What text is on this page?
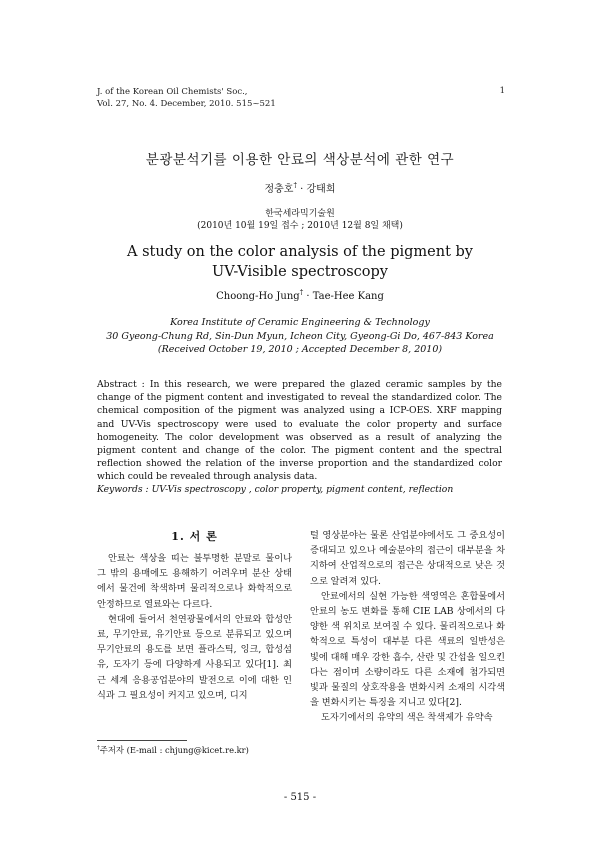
J. of the Korean Oil Chemists' Soc.,
Vol. 27, No. 4. December, 2010. 515~521
1
분광분석기를 이용한 안료의 색상분석에 관한 연구
정충호† · 강태희
한국세라믹기술원
(2010년 10월 19일 접수 ; 2010년 12월 8일 채택)
A study on the color analysis of the pigment by
UV-Visible spectroscopy
Choong-Ho Jung† · Tae-Hee Kang
Korea Institute of Ceramic Engineering & Technology
30 Gyeong-Chung Rd, Sin-Dun Myun, Icheon City, Gyeong-Gi Do, 467-843 Korea
(Received October 19, 2010 ; Accepted December 8, 2010)
Abstract : In this research, we were prepared the glazed ceramic samples by the change of the pigment content and investigated to reveal the standardized color. The chemical composition of the pigment was analyzed using a ICP-OES. XRF mapping and UV-Vis spectroscopy were used to evaluate the color property and surface homogeneity. The color development was observed as a result of analyzing the pigment content and change of the color. The pigment content and the spectral reflection showed the relation of the inverse proportion and the standardized color which could be revealed through analysis data.
Keywords : UV-Vis spectroscopy , color property, pigment content, reflection
1. 서 론

안료는 색상을 띠는 불투명한 분말로 물이나 그 밖의 용매에도 용해하기 어려우며 분산 상태에서 물건에 착색하며 물리적으로나 화학적으로 안정하므로 열료와는 다르다.

현대에 들어서 천연광물에서의 안료와 합성안료, 무기안료, 유기안료 등으로 분류되고 있으며 무기안료의 용도를 보면 플라스틱, 잉크, 합성섬유, 도자기 등에 다양하게 사용되고 있다[1]. 최근 세계 응용공업분야의 발전으로 이에 대한 인식과 그 필요성이 커지고 있으며, 디지

털 영상분야는 물론 산업분야에서도 그 중요성이 증대되고 있으나 예술분야의 접근이 대부분을 차지하여 산업적으로의 접근은 상대적으로 낮은 것으로 알려져 있다.

안료에서의 실현 가능한 색영역은 혼합물에서 안료의 농도 변화를 통해 CIE LAB 상에서의 다양한 색 위치로 보여질 수 있다. 물리적으로나 화학적으로 특성이 대부분 다른 색료의 일반성은 빛에 대해 매우 강한 흡수, 산란 및 간섭을 일으킨다는 점이며 소량이라도 다른 소재에 첨가되면 빛과 물질의 상호작용을 변화시켜 소재의 시각색을 변화시키는 특징을 지니고 있다[2].

도자기에서의 유약의 색은 착색제가 유약속

†주저자 (E-mail : chjung@kicet.re.kr)
- 515 -
